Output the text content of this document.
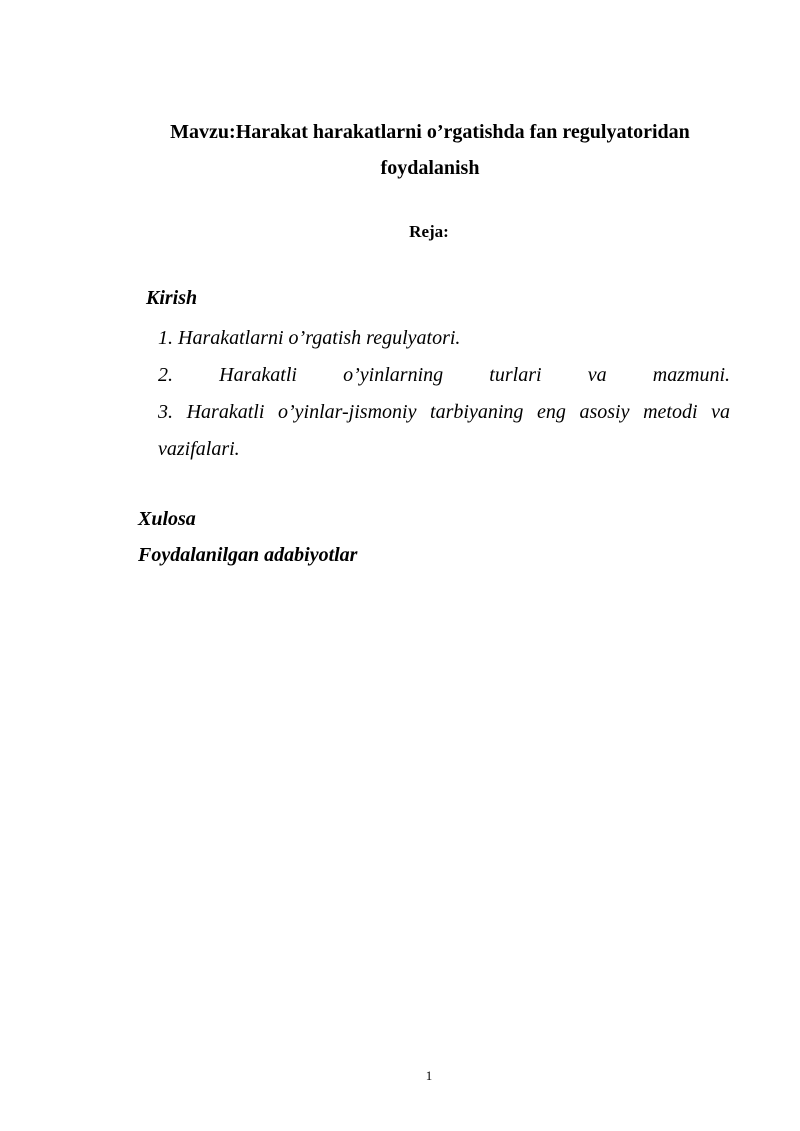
Mavzu:Harakat harakatlarni o’rgatishda fan regulyatoridan foydalanish
Reja:
Kirish
1. Harakatlarni o’rgatish regulyatori.
2. Harakatli o’yinlarning turlari va mazmuni.
3. Harakatli o’yinlar-jismoniy tarbiyaning eng asosiy metodi va vazifalari.
Xulosa
Foydalanilgan adabiyotlar
1
